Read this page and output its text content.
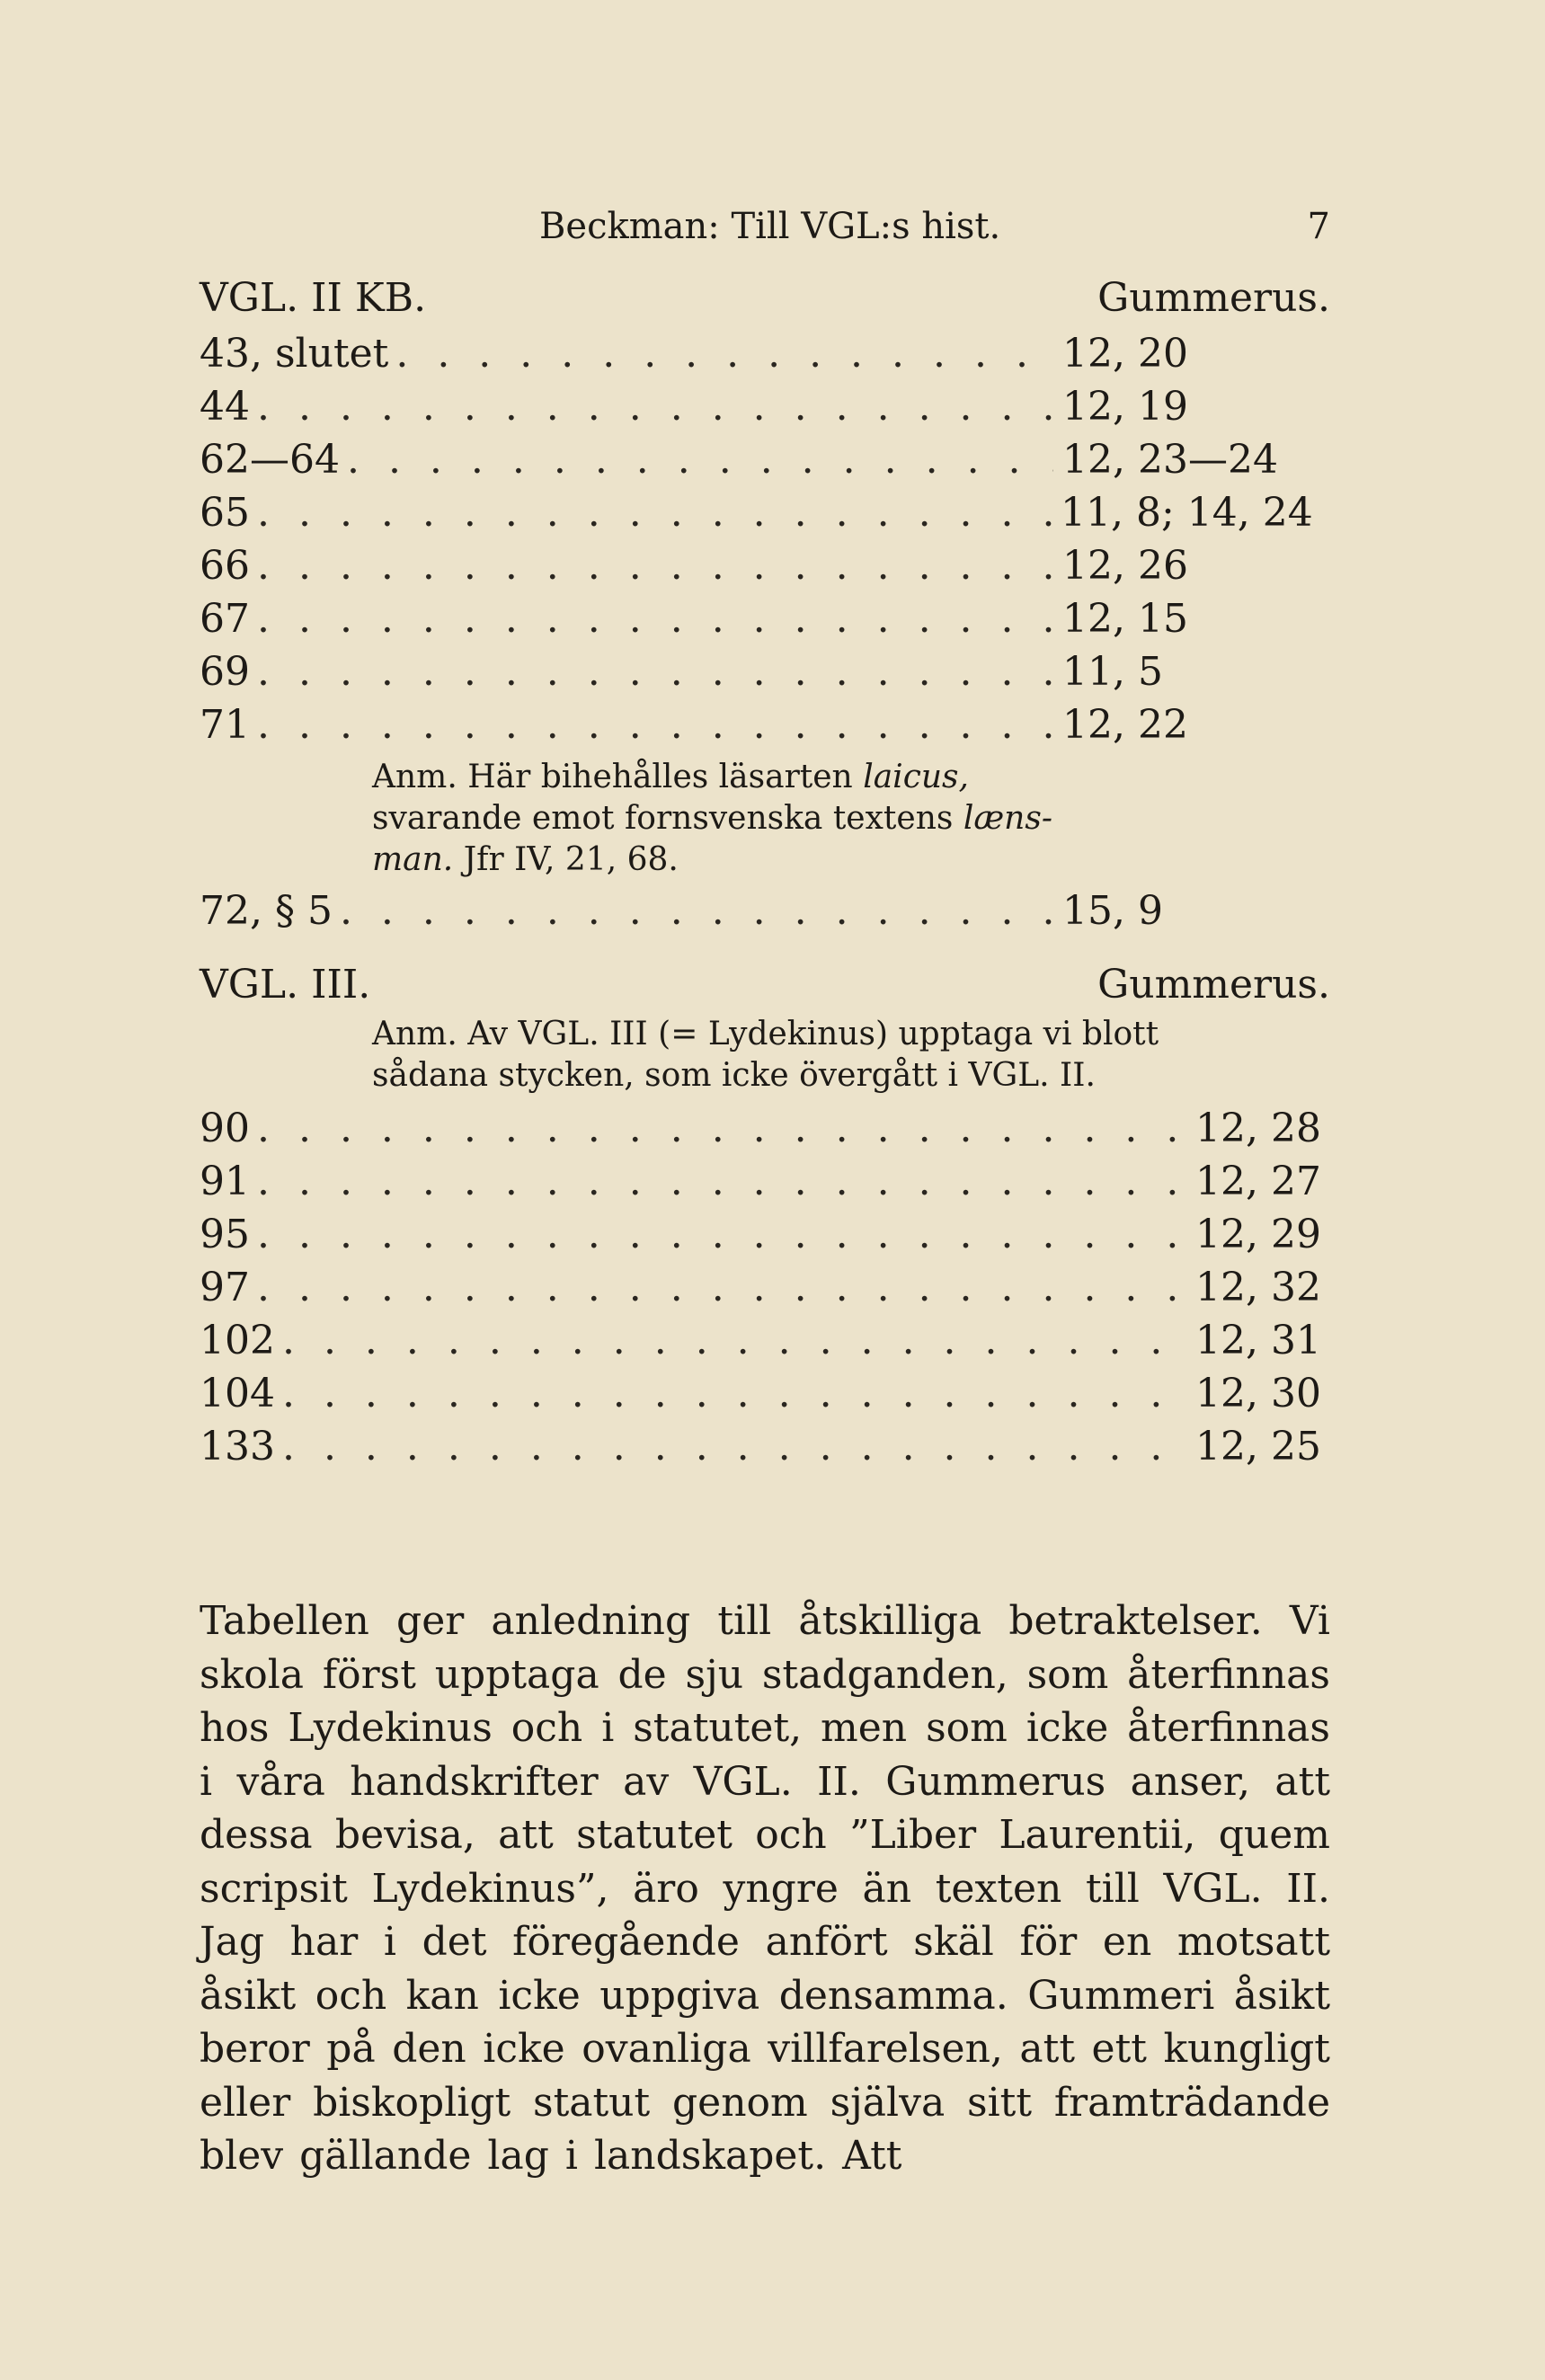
Beckman: Till VGL:s hist.	7
VGL. II KB.	Gummerus.
43, slutet . . .	12, 20
44 . . .	12, 19
62—64 . . .	12, 23—24
65 . . .	11, 8; 14, 24
66 . . .	12, 26
67 . . .	12, 15
69 . . .	11, 5
71 . . .	12, 22
Anm. Här bihehålles läsarten laicus, svarande emot fornsvenska textens læns-man. Jfr IV, 21, 68.
72, § 5 . . .	15, 9
VGL. III.	Gummerus.
Anm. Av VGL. III (= Lydekinus) upptaga vi blott sådana stycken, som icke övergått i VGL. II.
90 . . .	12, 28
91 . . .	12, 27
95 . . .	12, 29
97 . . .	12, 32
102 . . .	12, 31
104 . . .	12, 30
133 . . .	12, 25

Tabellen ger anledning till åtskilliga betraktelser. Vi skola först upptaga de sju stadganden, som återfinnas hos Lydekinus och i statutet, men som icke återfinnas i våra handskrifter av VGL. II. Gummerus anser, att dessa bevisa, att statutet och ”Liber Laurentii, quem scripsit Lydekinus”, äro yngre än texten till VGL. II. Jag har i det föregående anfört skäl för en motsatt åsikt och kan icke uppgiva densamma. Gummeri åsikt beror på den icke ovanliga villfarelsen, att ett kungligt eller biskopligt statut genom själva sitt framträdande blev gällande lag i landskapet. Att
